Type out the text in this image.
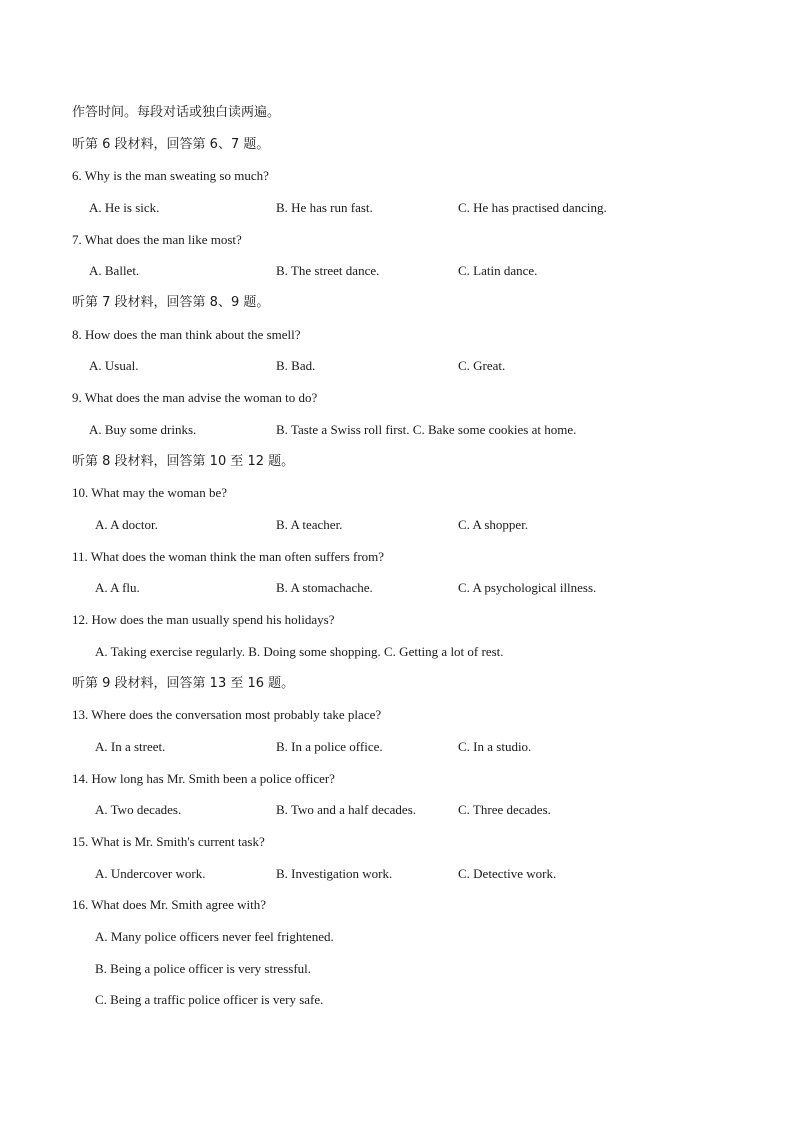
作答时间。每段对话或独白读两遍。
听第 6 段材料，回答第 6、7 题。
6. Why is the man sweating so much?
A. He is sick.	B. He has run fast.	C. He has practised dancing.
7. What does the man like most?
A. Ballet.	B. The street dance.	C. Latin dance.
听第 7 段材料，回答第 8、9 题。
8. How does the man think about the smell?
A. Usual.	B. Bad.	C. Great.
9. What does the man advise the woman to do?
A. Buy some drinks.	B. Taste a Swiss roll first. C. Bake some cookies at home.
听第 8 段材料，回答第 10 至 12 题。
10. What may the woman be?
A. A doctor.	B. A teacher.	C. A shopper.
11. What does the woman think the man often suffers from?
A. A flu.	B. A stomachache.	C. A psychological illness.
12. How does the man usually spend his holidays?
A. Taking exercise regularly. B. Doing some shopping. C. Getting a lot of rest.
听第 9 段材料，回答第 13 至 16 题。
13. Where does the conversation most probably take place?
A. In a street.	B. In a police office.	C. In a studio.
14. How long has Mr. Smith been a police officer?
A. Two decades.	B. Two and a half decades.	C. Three decades.
15. What is Mr. Smith's current task?
A. Undercover work.	B. Investigation work.	C. Detective work.
16. What does Mr. Smith agree with?
A. Many police officers never feel frightened.
B. Being a police officer is very stressful.
C. Being a traffic police officer is very safe.
